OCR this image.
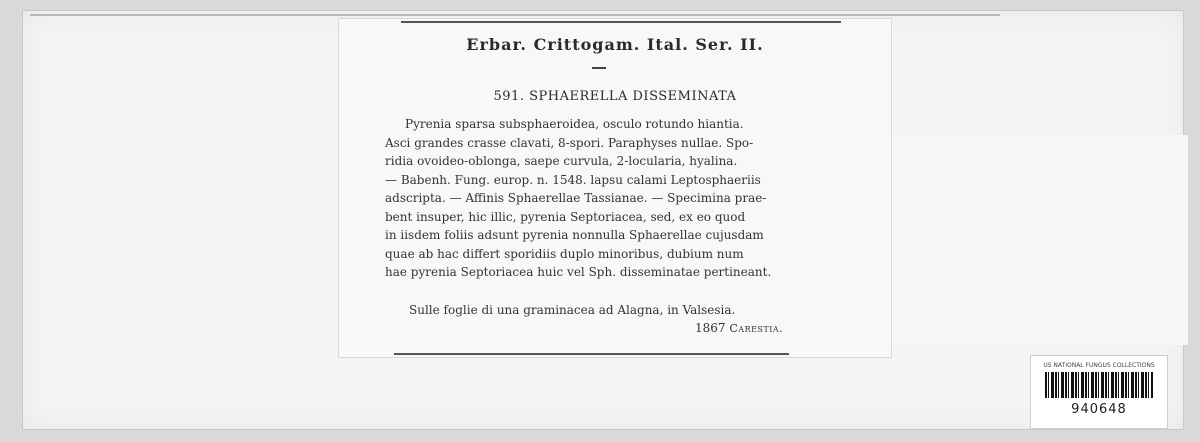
Erbar. Crittogam. Ital. Ser. II.
591. SPHAERELLA DISSEMINATA
Pyrenia sparsa subsphaeroidea, osculo rotundo hiantia.
Asci grandes crasse clavati, 8-spori. Paraphyses nullae. Spo-
ridia ovoideo-oblonga, saepe curvula, 2-locularia, hyalina.
— Babenh. Fung. europ. n. 1548. lapsu calami Leptosphaeriis
adscripta. — Affinis Sphaerellae Tassianae. — Specimina prae-
bent insuper, hic illic, pyrenia Septoriacea, sed, ex eo quod
in iisdem foliis adsunt pyrenia nonnulla Sphaerellae cujusdam
quae ab hac differt sporidiis duplo minoribus, dubium num
hae pyrenia Septoriacea huic vel Sph. disseminatae pertineant.
Sulle foglie di una graminacea ad Alagna, in Valsesia.
1867 Carestia.
US NATIONAL FUNGUS COLLECTIONS
940648
